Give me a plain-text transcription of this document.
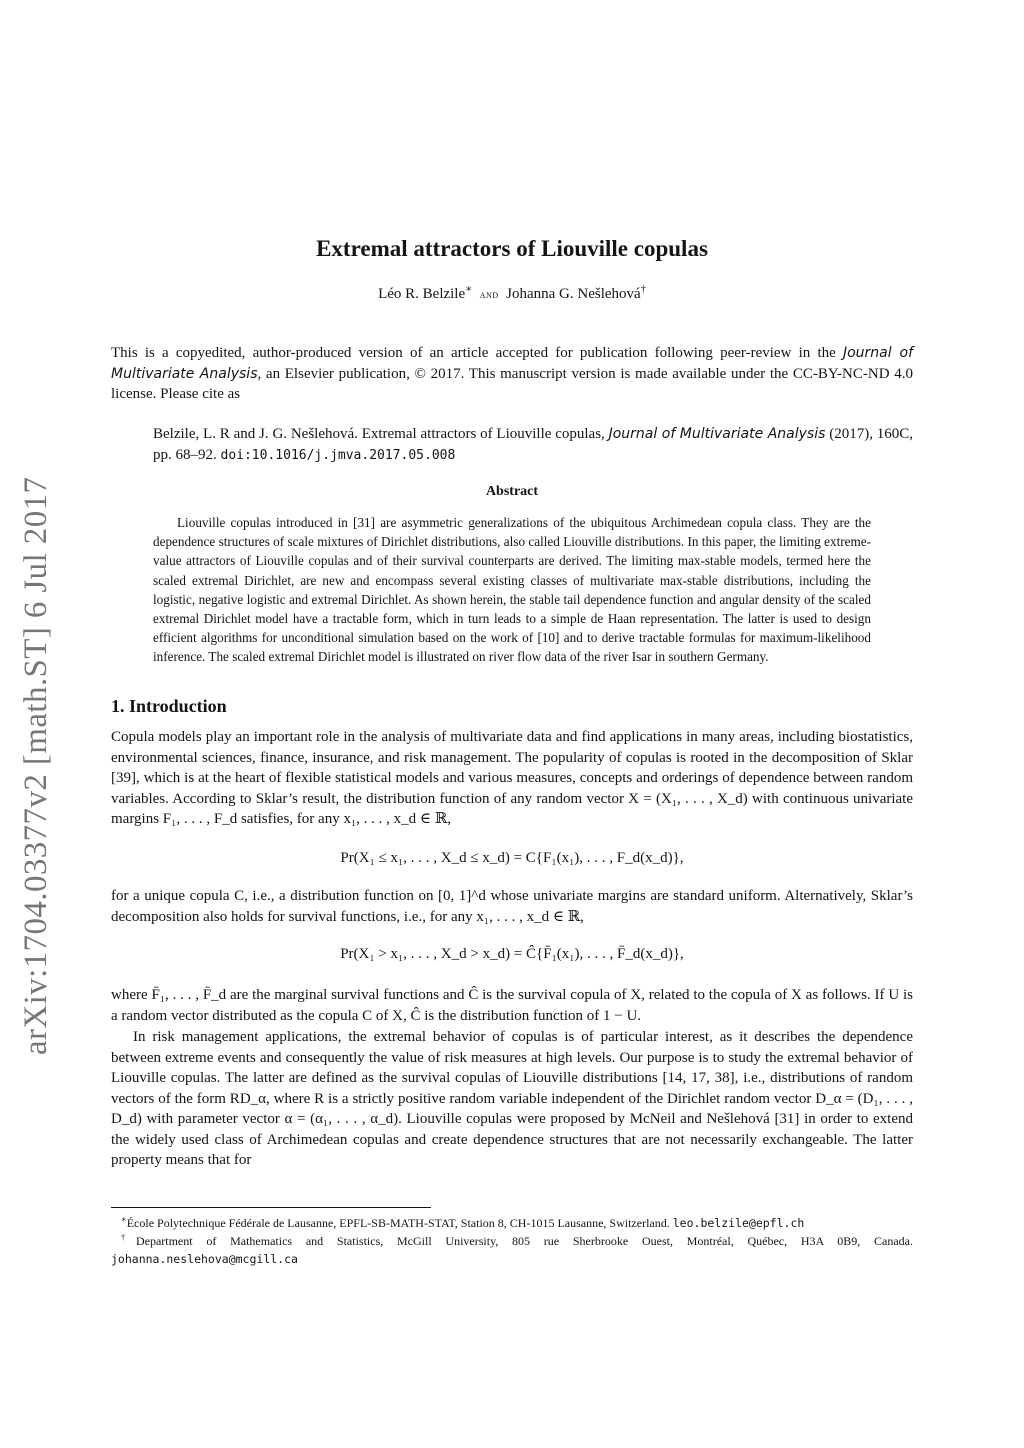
arXiv:1704.03377v2 [math.ST] 6 Jul 2017
Extremal attractors of Liouville copulas
Léo R. Belzile∗ and Johanna G. Nešlehová†
This is a copyedited, author-produced version of an article accepted for publication following peer-review in the Journal of Multivariate Analysis, an Elsevier publication, © 2017. This manuscript version is made available under the CC-BY-NC-ND 4.0 license. Please cite as
Belzile, L. R and J. G. Nešlehová. Extremal attractors of Liouville copulas, Journal of Multivariate Analysis (2017), 160C, pp. 68–92. doi:10.1016/j.jmva.2017.05.008
Abstract
Liouville copulas introduced in [31] are asymmetric generalizations of the ubiquitous Archimedean copula class. They are the dependence structures of scale mixtures of Dirichlet distributions, also called Liouville distributions. In this paper, the limiting extreme-value attractors of Liouville copulas and of their survival counterparts are derived. The limiting max-stable models, termed here the scaled extremal Dirichlet, are new and encompass several existing classes of multivariate max-stable distributions, including the logistic, negative logistic and extremal Dirichlet. As shown herein, the stable tail dependence function and angular density of the scaled extremal Dirichlet model have a tractable form, which in turn leads to a simple de Haan representation. The latter is used to design efficient algorithms for unconditional simulation based on the work of [10] and to derive tractable formulas for maximum-likelihood inference. The scaled extremal Dirichlet model is illustrated on river flow data of the river Isar in southern Germany.
1. Introduction
Copula models play an important role in the analysis of multivariate data and find applications in many areas, including biostatistics, environmental sciences, finance, insurance, and risk management. The popularity of copulas is rooted in the decomposition of Sklar [39], which is at the heart of flexible statistical models and various measures, concepts and orderings of dependence between random variables. According to Sklar’s result, the distribution function of any random vector X = (X₁, . . . , X_d) with continuous univariate margins F₁, . . . , F_d satisfies, for any x₁, . . . , x_d ∈ ℝ,
Pr(X₁ ≤ x₁, . . . , X_d ≤ x_d) = C{F₁(x₁), . . . , F_d(x_d)},
for a unique copula C, i.e., a distribution function on [0, 1]^d whose univariate margins are standard uniform. Alternatively, Sklar’s decomposition also holds for survival functions, i.e., for any x₁, . . . , x_d ∈ ℝ,
Pr(X₁ > x₁, . . . , X_d > x_d) = Ĉ{F̄₁(x₁), . . . , F̄_d(x_d)},
where F̄₁, . . . , F̄_d are the marginal survival functions and Ĉ is the survival copula of X, related to the copula of X as follows. If U is a random vector distributed as the copula C of X, Ĉ is the distribution function of 1 − U.
In risk management applications, the extremal behavior of copulas is of particular interest, as it describes the dependence between extreme events and consequently the value of risk measures at high levels. Our purpose is to study the extremal behavior of Liouville copulas. The latter are defined as the survival copulas of Liouville distributions [14, 17, 38], i.e., distributions of random vectors of the form RD_α, where R is a strictly positive random variable independent of the Dirichlet random vector D_α = (D₁, . . . , D_d) with parameter vector α = (α₁, . . . , α_d). Liouville copulas were proposed by McNeil and Nešlehová [31] in order to extend the widely used class of Archimedean copulas and create dependence structures that are not necessarily exchangeable. The latter property means that for
∗École Polytechnique Fédérale de Lausanne, EPFL-SB-MATH-STAT, Station 8, CH-1015 Lausanne, Switzerland. leo.belzile@epfl.ch
†Department of Mathematics and Statistics, McGill University, 805 rue Sherbrooke Ouest, Montréal, Québec, H3A 0B9, Canada. johanna.neslehova@mcgill.ca
